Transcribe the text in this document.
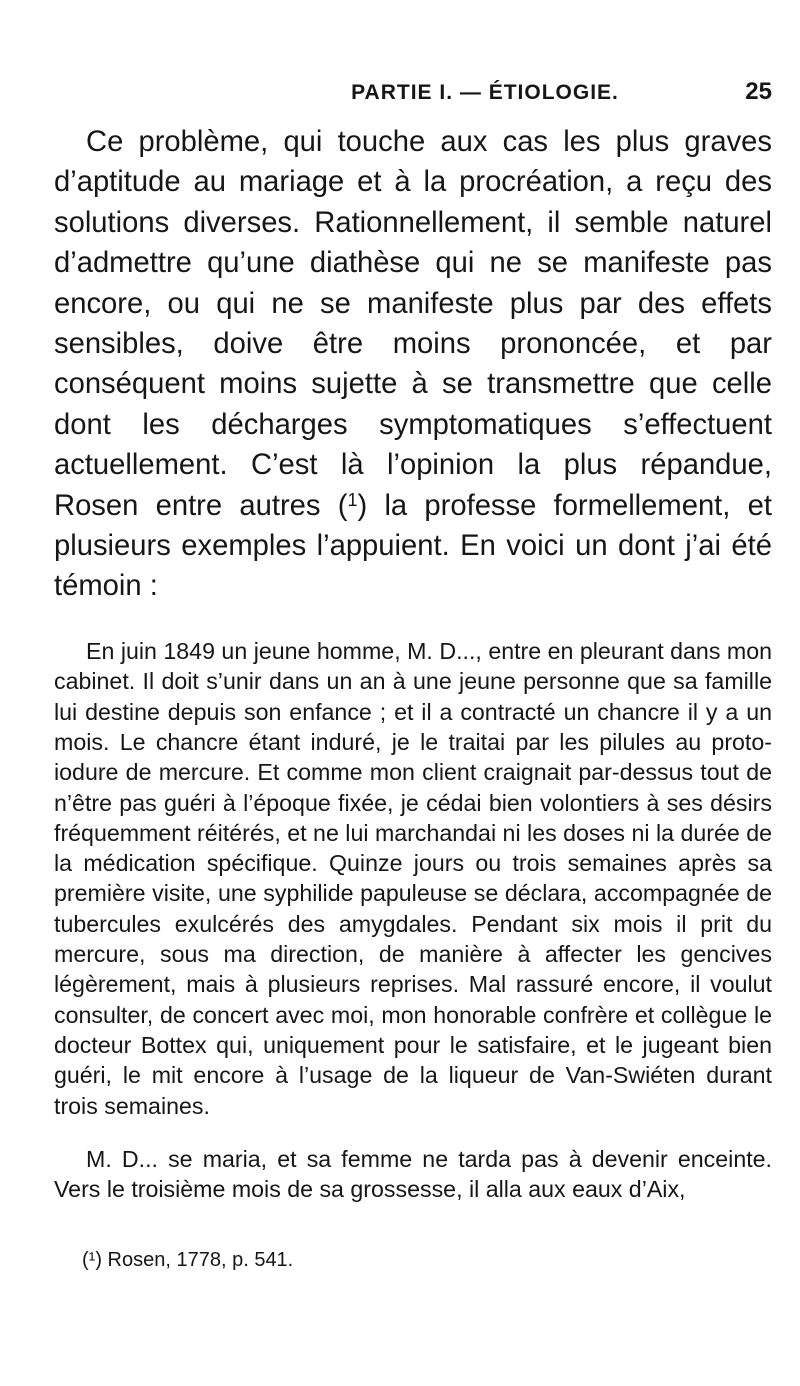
PARTIE I. — ÉTIOLOGIE.	25

Ce problème, qui touche aux cas les plus graves d’aptitude au mariage et à la procréation, a reçu des solutions diverses. Rationnellement, il semble naturel d’admettre qu’une diathèse qui ne se manifeste pas encore, ou qui ne se manifeste plus par des effets sensibles, doive être moins prononcée, et par conséquent moins sujette à se transmettre que celle dont les décharges symptomatiques s’effectuent actuellement. C’est là l’opinion la plus répandue, Rosen entre autres ($^1$) la professe formellement, et plusieurs exemples l’appuient. En voici un dont j’ai été témoin :

En juin 1849 un jeune homme, M. D..., entre en pleurant dans mon cabinet. Il doit s’unir dans un an à une jeune personne que sa famille lui destine depuis son enfance ; et il a contracté un chancre il y a un mois. Le chancre étant induré, je le traitai par les pilules au proto-iodure de mercure. Et comme mon client craignait par-dessus tout de n’être pas guéri à l’époque fixée, je cédai bien volontiers à ses désirs fréquemment réitérés, et ne lui marchandai ni les doses ni la durée de la médication spécifique. Quinze jours ou trois semaines après sa première visite, une syphilide papuleuse se déclara, accompagnée de tubercules exulcérés des amygdales. Pendant six mois il prit du mercure, sous ma direction, de manière à affecter les gencives légèrement, mais à plusieurs reprises. Mal rassuré encore, il voulut consulter, de concert avec moi, mon honorable confrère et collègue le docteur Bottex qui, uniquement pour le satisfaire, et le jugeant bien guéri, le mit encore à l’usage de la liqueur de Van-Swiéten durant trois semaines.

M. D... se maria, et sa femme ne tarda pas à devenir enceinte. Vers le troisième mois de sa grossesse, il alla aux eaux d’Aix,

(¹) Rosen, 1778, p. 541.
